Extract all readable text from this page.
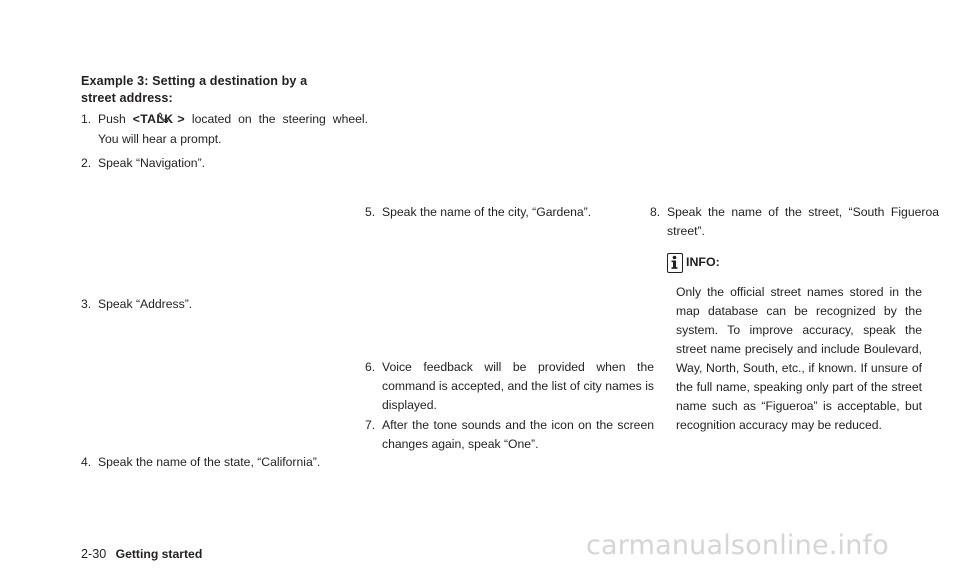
Example 3: Setting a destination by a
street address:
1. Push <TALK > located on the steering wheel. You will hear a prompt.
2. Speak “Navigation”.
3. Speak “Address”.
4. Speak the name of the state, “California”.
5. Speak the name of the city, “Gardena”.
6. Voice feedback will be provided when the command is accepted, and the list of city names is displayed.
7. After the tone sounds and the icon on the screen changes again, speak “One”.
8. Speak the name of the street, “South Figueroa street”.
INFO:
Only the official street names stored in the map database can be recognized by the system. To improve accuracy, speak the street name precisely and include Boulevard, Way, North, South, etc., if known. If unsure of the full name, speaking only part of the street name such as “Figueroa” is acceptable, but recognition accuracy may be reduced.
2-30 Getting started	carmanualsonline.info
